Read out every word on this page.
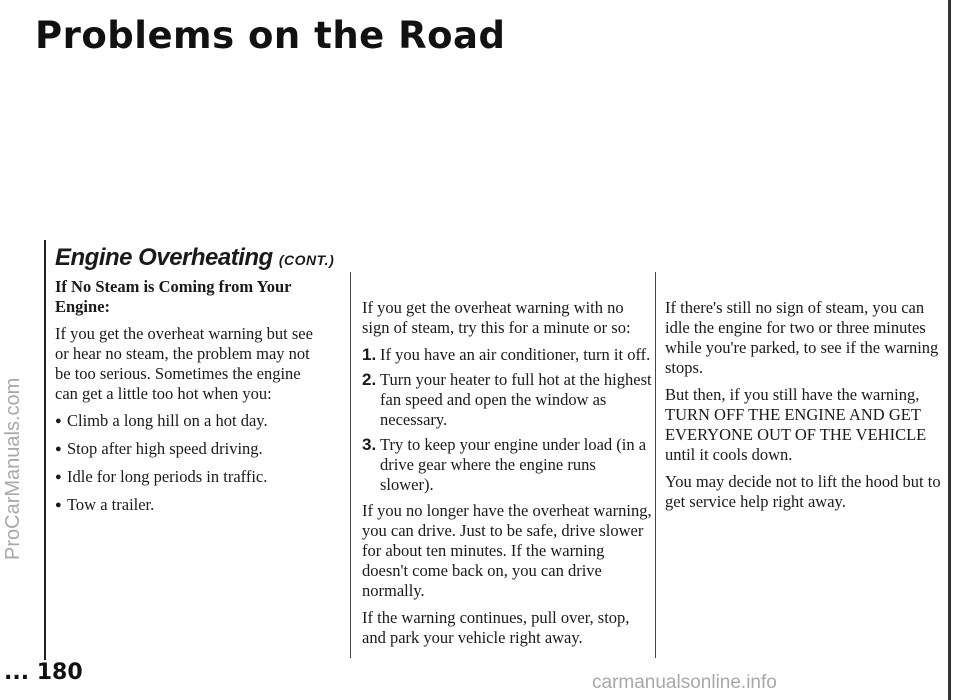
Problems on the Road
ProCarManuals.com
carmanualsonline.info
Engine Overheating (CONT.)
If No Steam is Coming from Your Engine:

If you get the overheat warning but see or hear no steam, the problem may not be too serious. Sometimes the engine can get a little too hot when you:

● Climb a long hill on a hot day.
● Stop after high speed driving.
● Idle for long periods in traffic.
● Tow a trailer.

If you get the overheat warning with no sign of steam, try this for a minute or so:

1. If you have an air conditioner, turn it off.
2. Turn your heater to full hot at the highest fan speed and open the window as necessary.
3. Try to keep your engine under load (in a drive gear where the engine runs slower).

If you no longer have the overheat warning, you can drive. Just to be safe, drive slower for about ten minutes. If the warning doesn't come back on, you can drive normally.

If the warning continues, pull over, stop, and park your vehicle right away.

If there's still no sign of steam, you can idle the engine for two or three minutes while you're parked, to see if the warning stops.

But then, if you still have the warning, TURN OFF THE ENGINE AND GET EVERYONE OUT OF THE VEHICLE until it cools down.

You may decide not to lift the hood but to get service help right away.

... 180
